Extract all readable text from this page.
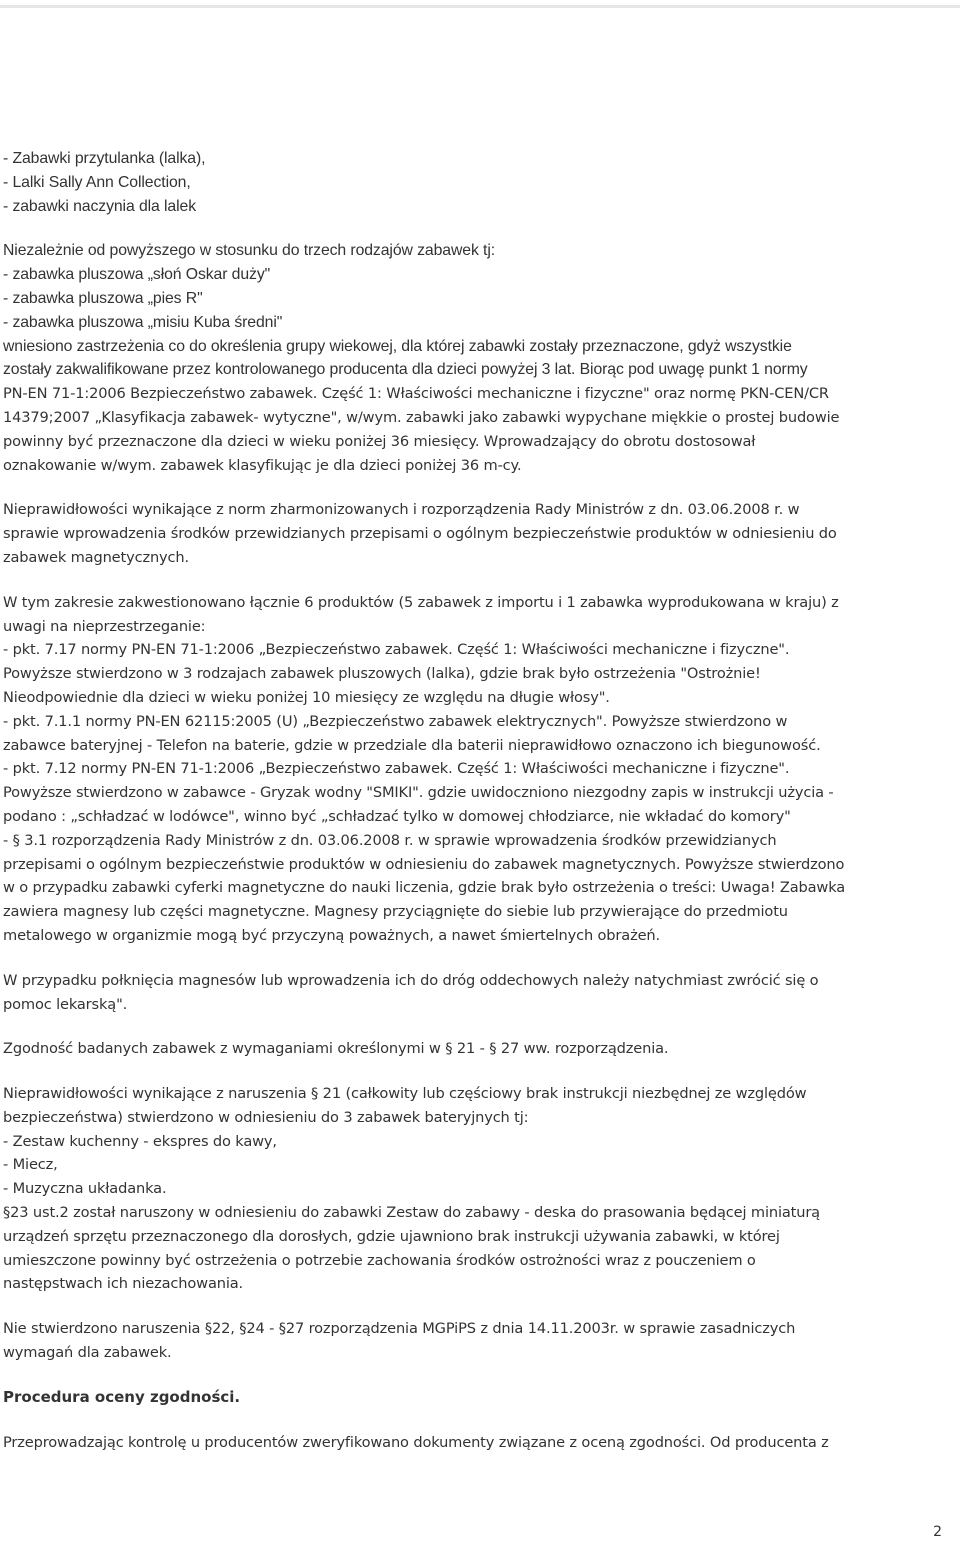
- Zabawki przytulanka (lalka),
- Lalki Sally Ann Collection,
- zabawki naczynia dla lalek

Niezależnie od powyższego w stosunku do trzech rodzajów zabawek tj:
- zabawka pluszowa „słoń Oskar duży"
- zabawka pluszowa „pies R"
- zabawka pluszowa „misiu Kuba średni"
wniesiono zastrzeżenia co do określenia grupy wiekowej, dla której zabawki zostały przeznaczone, gdyż wszystkie
zostały zakwalifikowane przez kontrolowanego producenta dla dzieci powyżej 3 lat. Biorąc pod uwagę punkt 1 normy
PN-EN 71-1:2006 Bezpieczeństwo zabawek. Część 1: Właściwości mechaniczne i fizyczne" oraz normę PKN-CEN/CR
14379;2007 „Klasyfikacja zabawek- wytyczne", w/wym. zabawki jako zabawki wypychane miękkie o prostej budowie
powinny być przeznaczone dla dzieci w wieku poniżej 36 miesięcy. Wprowadzający do obrotu dostosował
oznakowanie w/wym. zabawek klasyfikując je dla dzieci poniżej 36 m-cy.

Nieprawidłowości wynikające z norm zharmonizowanych i rozporządzenia Rady Ministrów z dn. 03.06.2008 r. w
sprawie wprowadzenia środków przewidzianych przepisami o ogólnym bezpieczeństwie produktów w odniesieniu do
zabawek magnetycznych.

W tym zakresie zakwestionowano łącznie 6 produktów (5 zabawek z importu i 1 zabawka wyprodukowana w kraju) z
uwagi na nieprzestrzeganie:
- pkt. 7.17 normy PN-EN 71-1:2006 „Bezpieczeństwo zabawek. Część 1: Właściwości mechaniczne i fizyczne".
Powyższe stwierdzono w 3 rodzajach zabawek pluszowych (lalka), gdzie brak było ostrzeżenia "Ostrożnie!
Nieodpowiednie dla dzieci w wieku poniżej 10 miesięcy ze względu na długie włosy".
- pkt. 7.1.1 normy PN-EN 62115:2005 (U) „Bezpieczeństwo zabawek elektrycznych". Powyższe stwierdzono w
zabawce bateryjnej - Telefon na baterie, gdzie w przedziale dla baterii nieprawidłowo oznaczono ich biegunowość.
- pkt. 7.12 normy PN-EN 71-1:2006 „Bezpieczeństwo zabawek. Część 1: Właściwości mechaniczne i fizyczne".
Powyższe stwierdzono w zabawce - Gryzak wodny "SMIKI". gdzie uwidoczniono niezgodny zapis w instrukcji użycia -
podano : „schładzać w lodówce", winno być „schładzać tylko w domowej chłodziarce, nie wkładać do komory"
- § 3.1 rozporządzenia Rady Ministrów z dn. 03.06.2008 r. w sprawie wprowadzenia środków przewidzianych
przepisami o ogólnym bezpieczeństwie produktów w odniesieniu do zabawek magnetycznych. Powyższe stwierdzono
w o przypadku zabawki cyferki magnetyczne do nauki liczenia, gdzie brak było ostrzeżenia o treści: Uwaga! Zabawka
zawiera magnesy lub części magnetyczne. Magnesy przyciągnięte do siebie lub przywierające do przedmiotu
metalowego w organizmie mogą być przyczyną poważnych, a nawet śmiertelnych obrażeń.

W przypadku połknięcia magnesów lub wprowadzenia ich do dróg oddechowych należy natychmiast zwrócić się o
pomoc lekarską".

Zgodność badanych zabawek z wymaganiami określonymi w § 21 - § 27 ww. rozporządzenia.

Nieprawidłowości wynikające z naruszenia § 21 (całkowity lub częściowy brak instrukcji niezbędnej ze względów
bezpieczeństwa) stwierdzono w odniesieniu do 3 zabawek bateryjnych tj:
- Zestaw kuchenny - ekspres do kawy,
- Miecz,
- Muzyczna układanka.
§23 ust.2 został naruszony w odniesieniu do zabawki Zestaw do zabawy - deska do prasowania będącej miniaturą
urządzeń sprzętu przeznaczonego dla dorosłych, gdzie ujawniono brak instrukcji używania zabawki, w której
umieszczone powinny być ostrzeżenia o potrzebie zachowania środków ostrożności wraz z pouczeniem o
następstwach ich niezachowania.

Nie stwierdzono naruszenia §22, §24 - §27 rozporządzenia MGPiPS z dnia 14.11.2003r. w sprawie zasadniczych
wymagań dla zabawek.

Procedura oceny zgodności.

Przeprowadzając kontrolę u producentów zweryfikowano dokumenty związane z oceną zgodności. Od producenta z

2
